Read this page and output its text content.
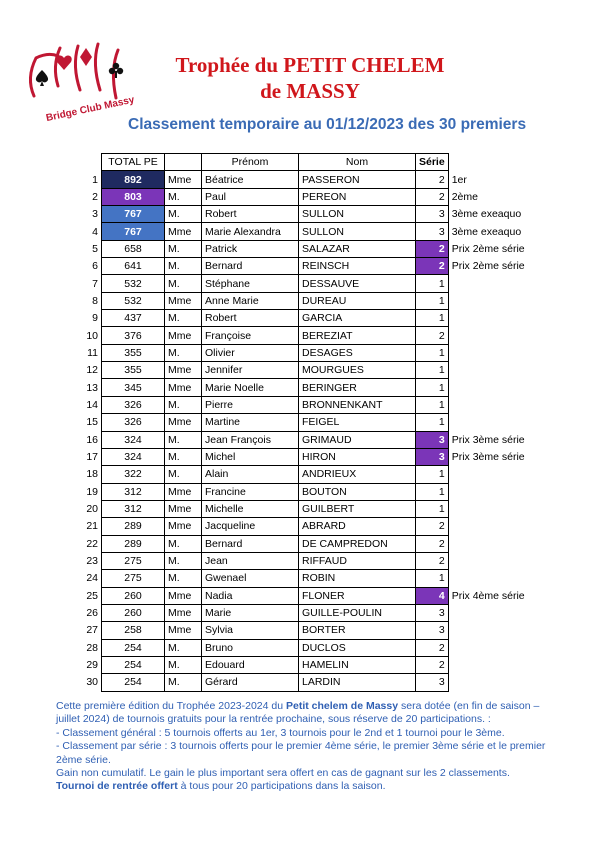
Bridge Club Massy
Trophée du PETIT CHELEM
de MASSY
Classement temporaire au 01/12/2023 des 30 premiers
	TOTAL PE		Prénom	Nom	Série	
1	892	Mme	Béatrice	PASSERON	2	1er
2	803	M.	Paul	PEREON	2	2ème
3	767	M.	Robert	SULLON	3	3ème exeaquo
4	767	Mme	Marie Alexandra	SULLON	3	3ème exeaquo
5	658	M.	Patrick	SALAZAR	2	Prix 2ème série
6	641	M.	Bernard	REINSCH	2	Prix 2ème série
7	532	M.	Stéphane	DESSAUVE	1	
8	532	Mme	Anne Marie	DUREAU	1	
9	437	M.	Robert	GARCIA	1	
10	376	Mme	Françoise	BEREZIAT	2	
11	355	M.	Olivier	DESAGES	1	
12	355	Mme	Jennifer	MOURGUES	1	
13	345	Mme	Marie Noelle	BERINGER	1	
14	326	M.	Pierre	BRONNENKANT	1	
15	326	Mme	Martine	FEIGEL	1	
16	324	M.	Jean François	GRIMAUD	3	Prix 3ème série
17	324	M.	Michel	HIRON	3	Prix 3ème série
18	322	M.	Alain	ANDRIEUX	1	
19	312	Mme	Francine	BOUTON	1	
20	312	Mme	Michelle	GUILBERT	1	
21	289	Mme	Jacqueline	ABRARD	2	
22	289	M.	Bernard	DE CAMPREDON	2	
23	275	M.	Jean	RIFFAUD	2	
24	275	M.	Gwenael	ROBIN	1	
25	260	Mme	Nadia	FLONER	4	Prix 4ème série
26	260	Mme	Marie	GUILLE-POULIN	3	
27	258	Mme	Sylvia	BORTER	3	
28	254	M.	Bruno	DUCLOS	2	
29	254	M.	Edouard	HAMELIN	2	
30	254	M.	Gérard	LARDIN	3	

Cette première édition du Trophée 2023-2024 du Petit chelem de Massy sera dotée (en fin de saison – juillet 2024) de tournois gratuits pour la rentrée prochaine, sous réserve de 20 participations. :

- Classement général : 5 tournois offerts au 1er, 3 tournois pour le 2nd et 1 tournoi pour le 3ème.

- Classement par série : 3 tournois offerts pour le premier 4ème série, le premier 3ème série et le premier 2ème série.

Gain non cumulatif. Le gain le plus important sera offert en cas de gagnant sur les 2 classements.

Tournoi de rentrée offert à tous pour 20 participations dans la saison.
